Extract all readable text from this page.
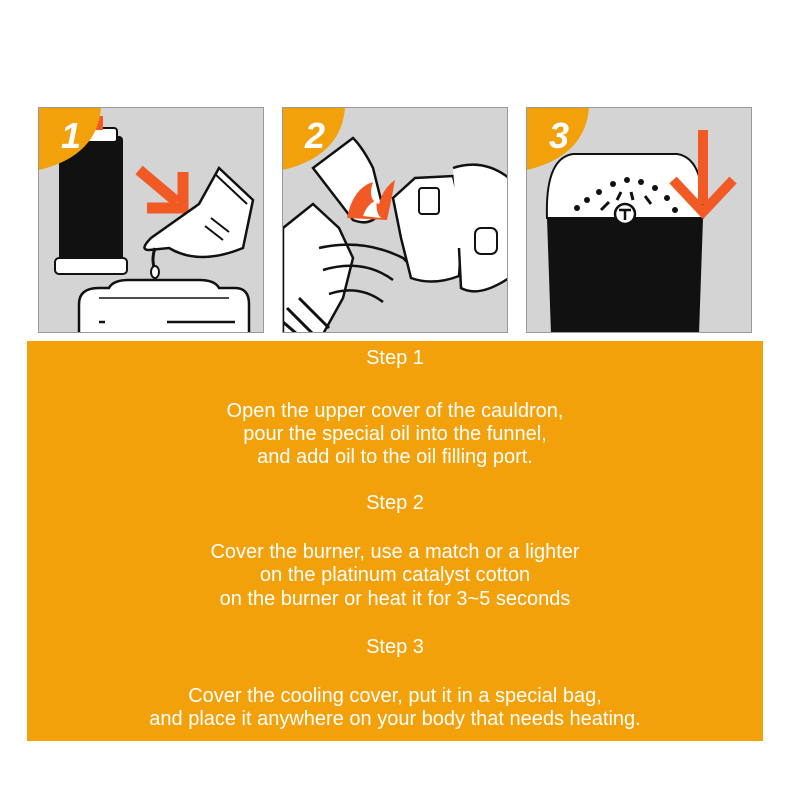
1	2	3
Step 1
Open the upper cover of the cauldron,
pour the special oil into the funnel,
and add oil to the oil filling port.
Step 2
Cover the burner, use a match or a lighter
on the platinum catalyst cotton
on the burner or heat it for 3~5 seconds
Step 3
Cover the cooling cover, put it in a special bag,
and place it anywhere on your body that needs heating.
